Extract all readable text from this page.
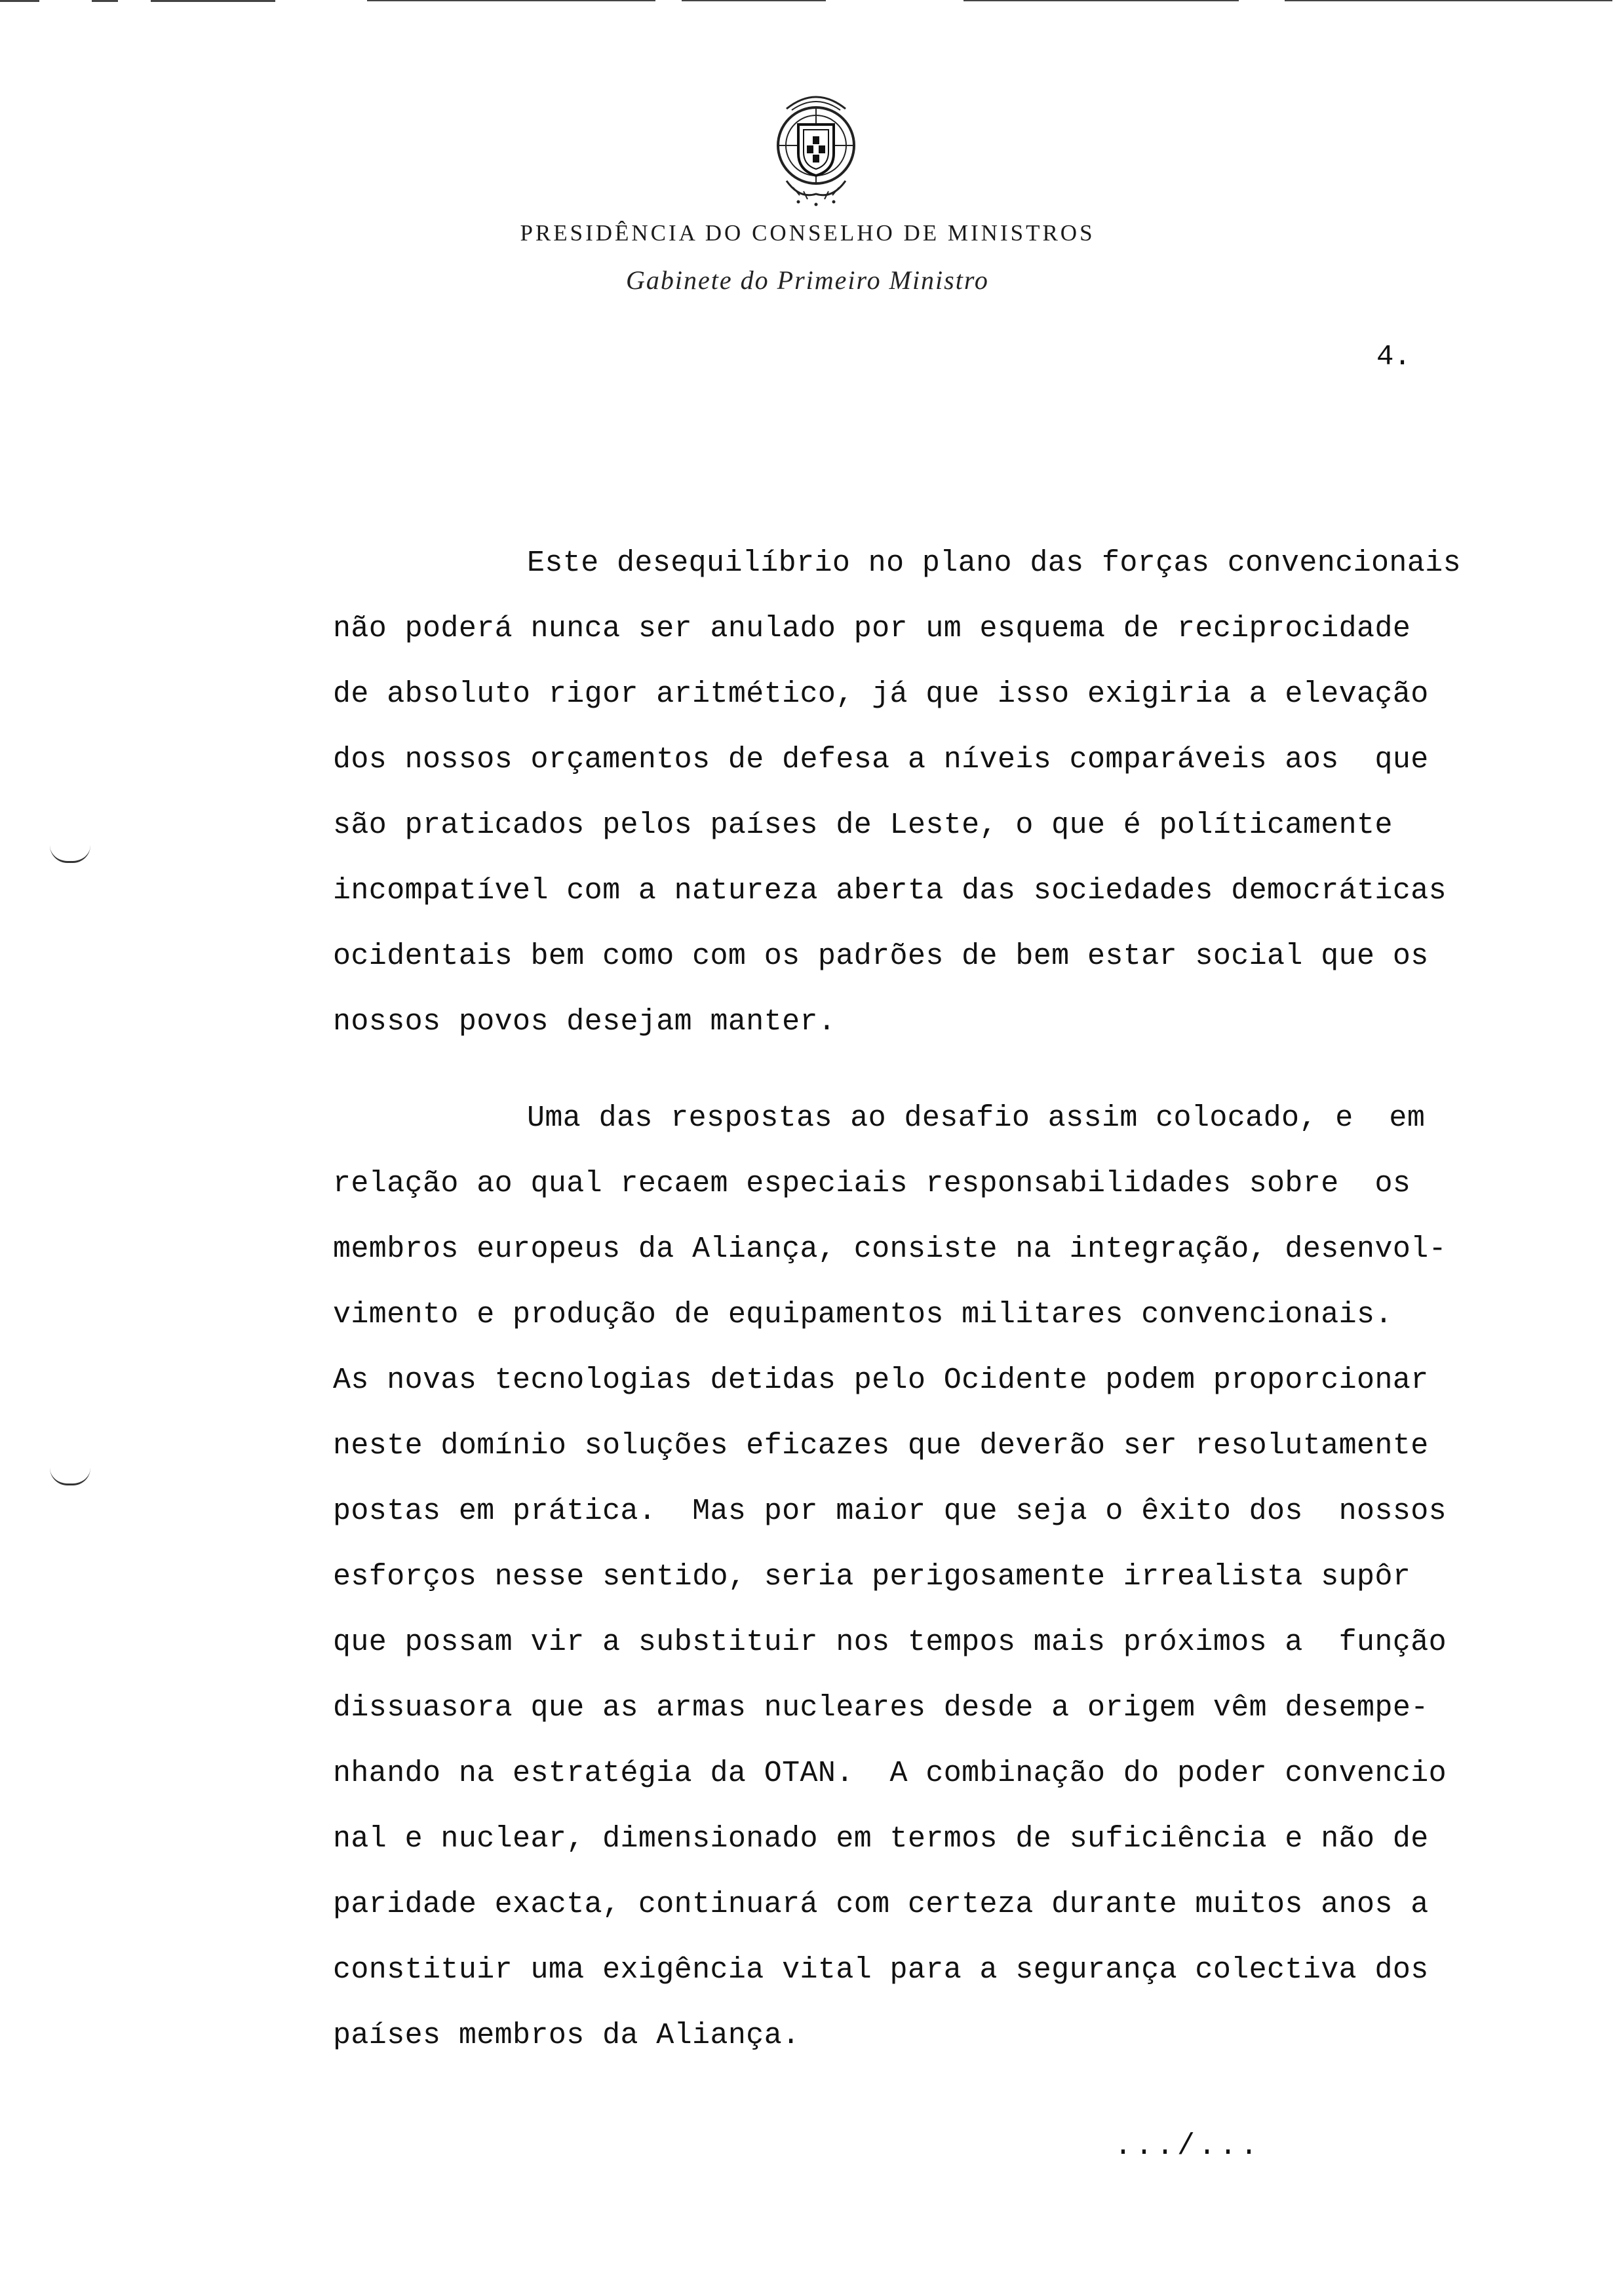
PRESIDÊNCIA DO CONSELHO DE MINISTROS
Gabinete do Primeiro Ministro
4.
Este desequilíbrio no plano das forças convencionais
não poderá nunca ser anulado por um esquema de reciprocidade
de absoluto rigor aritmético, já que isso exigiria a elevação
dos nossos orçamentos de defesa a níveis comparáveis aos  que
são praticados pelos países de Leste, o que é políticamente
incompatível com a natureza aberta das sociedades democráticas
ocidentais bem como com os padrões de bem estar social que os
nossos povos desejam manter.
Uma das respostas ao desafio assim colocado, e  em
relação ao qual recaem especiais responsabilidades sobre  os
membros europeus da Aliança, consiste na integração, desenvol-
vimento e produção de equipamentos militares convencionais.
As novas tecnologias detidas pelo Ocidente podem proporcionar
neste domínio soluções eficazes que deverão ser resolutamente
postas em prática.  Mas por maior que seja o êxito dos  nossos
esforços nesse sentido, seria perigosamente irrealista supôr
que possam vir a substituir nos tempos mais próximos a  função
dissuasora que as armas nucleares desde a origem vêm desempe-
nhando na estratégia da OTAN.  A combinação do poder convencio
nal e nuclear, dimensionado em termos de suficiência e não de
paridade exacta, continuará com certeza durante muitos anos a
constituir uma exigência vital para a segurança colectiva dos
países membros da Aliança.
.../...
